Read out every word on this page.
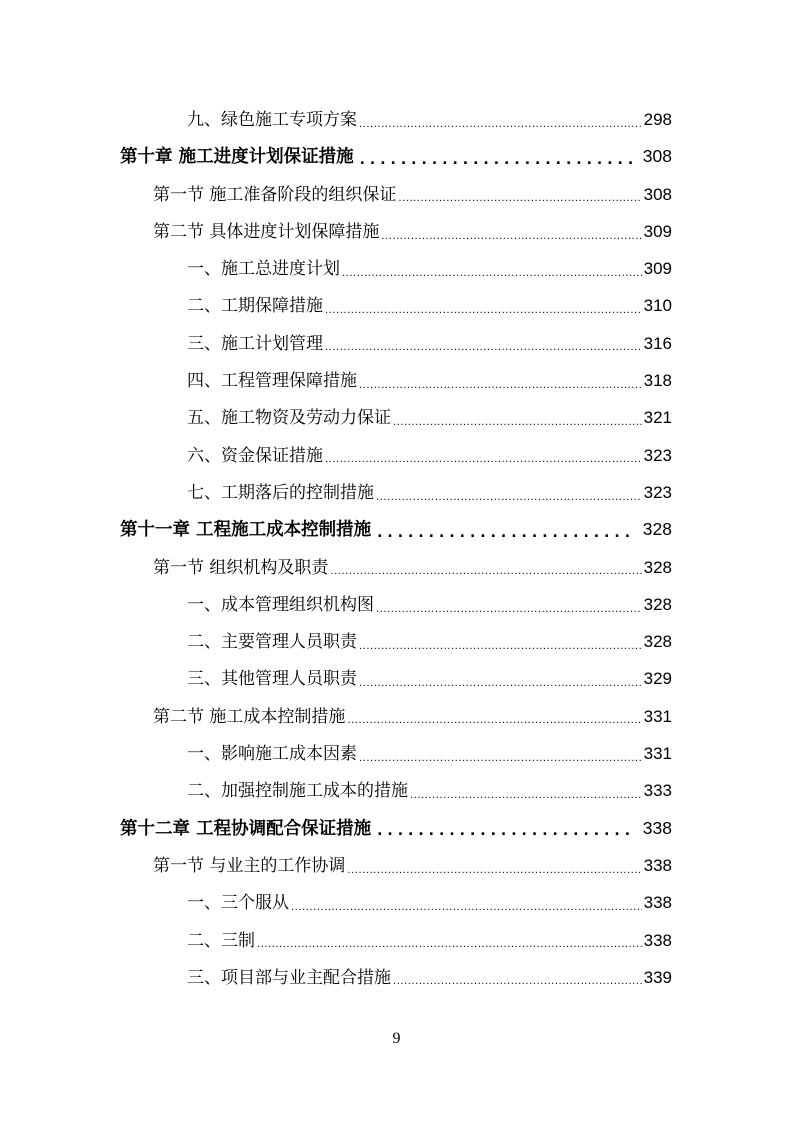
九、绿色施工专项方案 .....	298
第十章 施工进度计划保证措施 .....	308
第一节 施工准备阶段的组织保证 .....	308
第二节 具体进度计划保障措施 .....	309
一、施工总进度计划 .....	309
二、工期保障措施 .....	310
三、施工计划管理 .....	316
四、工程管理保障措施 .....	318
五、施工物资及劳动力保证 .....	321
六、资金保证措施 .....	323
七、工期落后的控制措施 .....	323
第十一章 工程施工成本控制措施 .....	328
第一节 组织机构及职责 .....	328
一、成本管理组织机构图 .....	328
二、主要管理人员职责 .....	328
三、其他管理人员职责 .....	329
第二节 施工成本控制措施 .....	331
一、影响施工成本因素 .....	331
二、加强控制施工成本的措施 .....	333
第十二章 工程协调配合保证措施 .....	338
第一节 与业主的工作协调 .....	338
一、三个服从 .....	338
二、三制 .....	338
三、项目部与业主配合措施 .....	339
9
